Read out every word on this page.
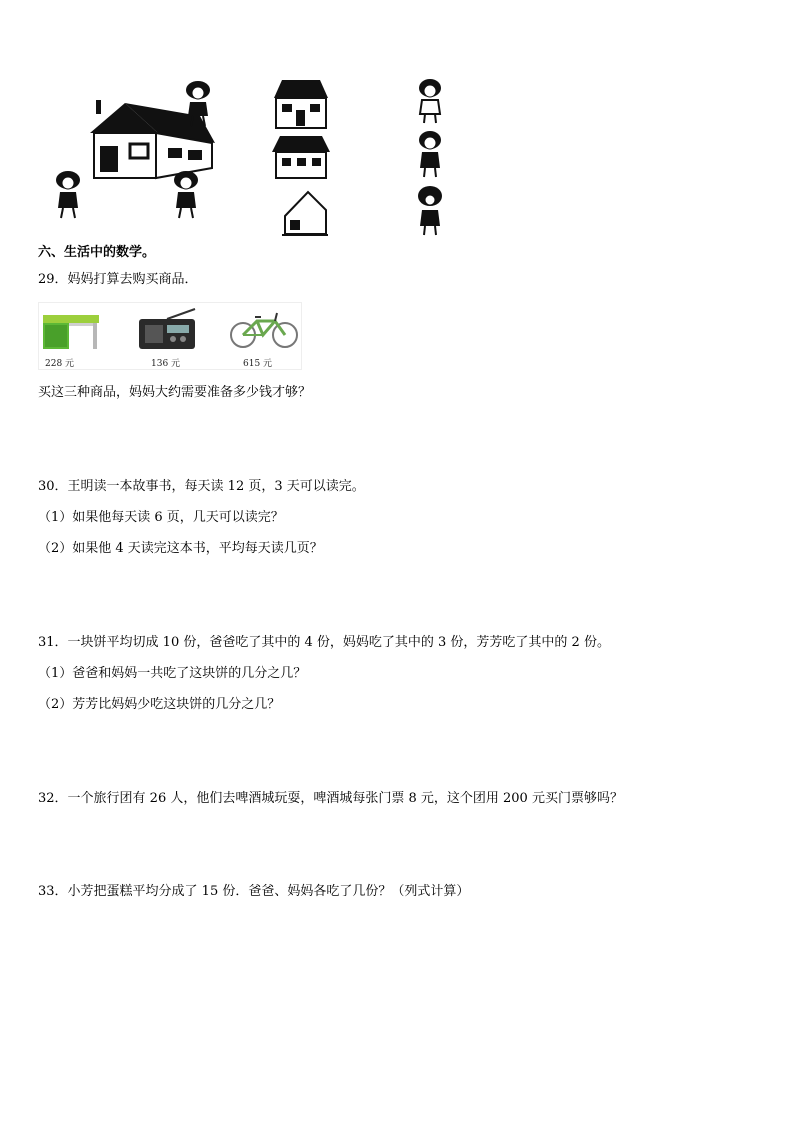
六、生活中的数学。
29．妈妈打算去购买商品．
228 元	136 元	615 元
买这三种商品，妈妈大约需要准备多少钱才够？
30．王明读一本故事书，每天读 12 页，3 天可以读完。
（1）如果他每天读 6 页，几天可以读完？
（2）如果他 4 天读完这本书，平均每天读几页？
31．一块饼平均切成 10 份，爸爸吃了其中的 4 份，妈妈吃了其中的 3 份，芳芳吃了其中的 2 份。
（1）爸爸和妈妈一共吃了这块饼的几分之几？
（2）芳芳比妈妈少吃这块饼的几分之几？
32．一个旅行团有 26 人，他们去啤酒城玩耍，啤酒城每张门票 8 元，这个团用 200 元买门票够吗？
33．小芳把蛋糕平均分成了 15 份．爸爸、妈妈各吃了几份？（列式计算）
